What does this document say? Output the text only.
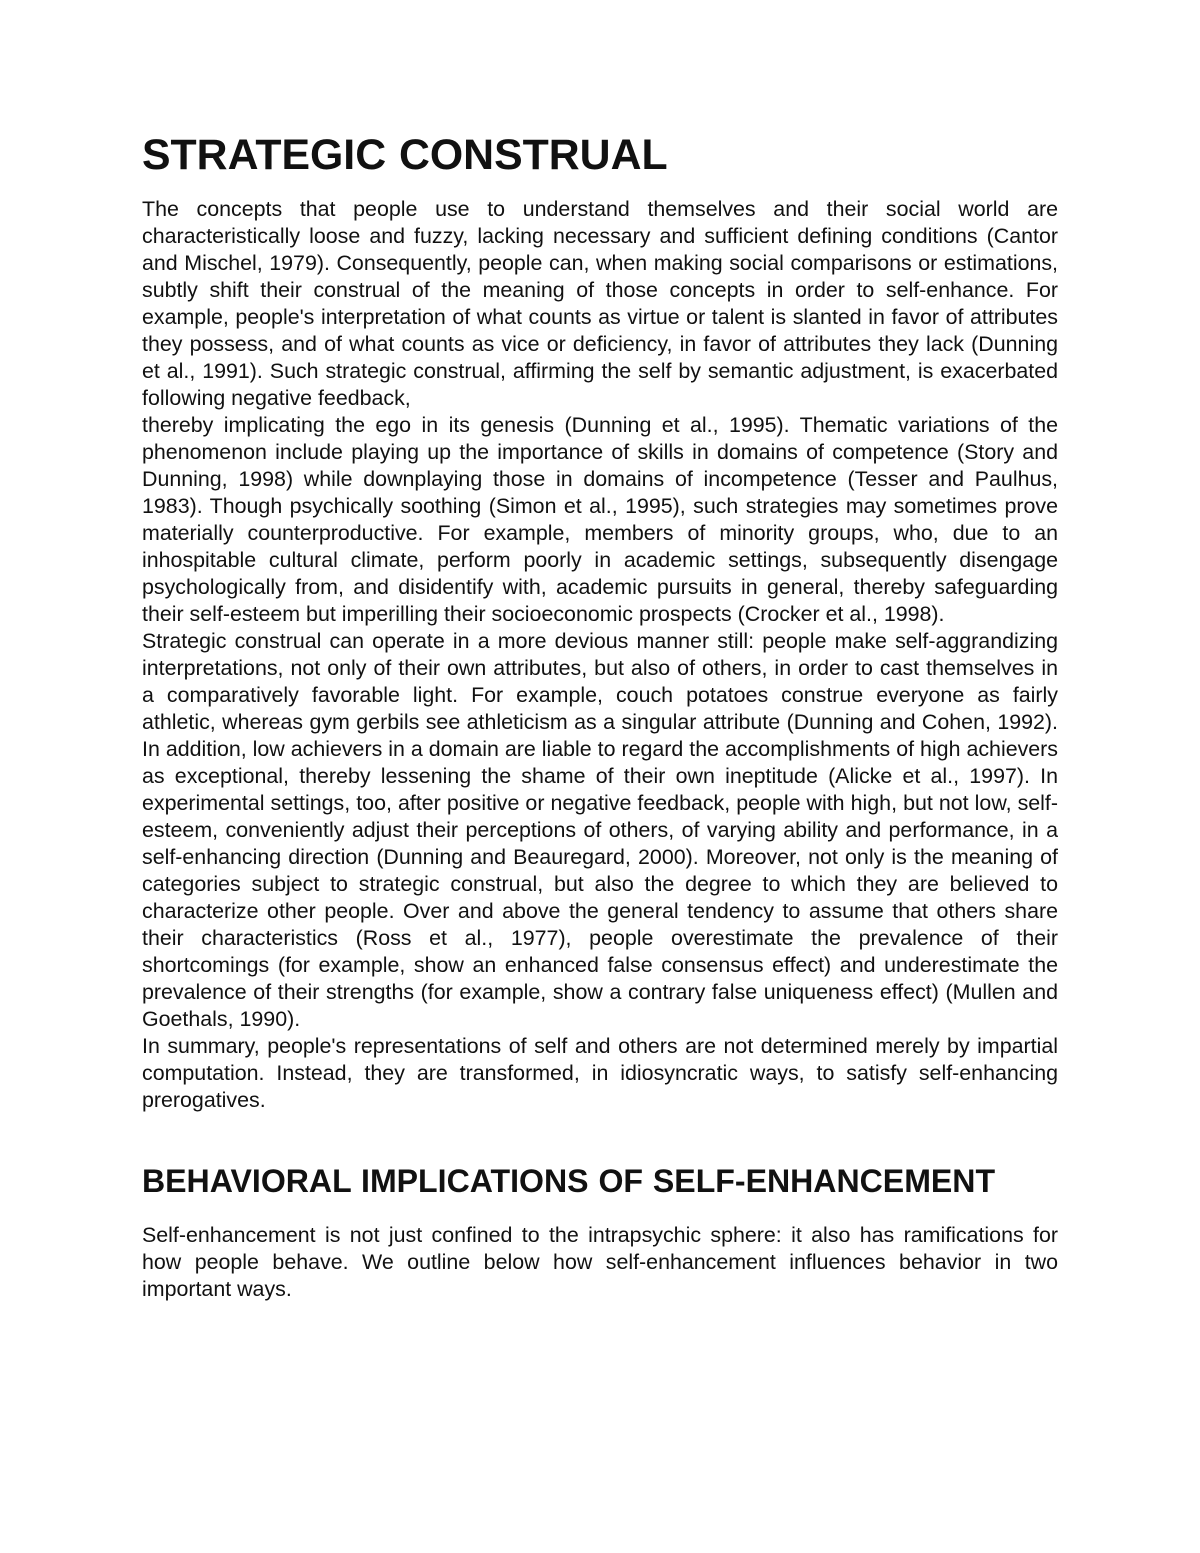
STRATEGIC CONSTRUAL

The concepts that people use to understand themselves and their social world are characteristically loose and fuzzy, lacking necessary and sufficient defining conditions (Cantor and Mischel, 1979). Consequently, people can, when making social comparisons or estimations, subtly shift their construal of the meaning of those concepts in order to self-enhance. For example, people's interpretation of what counts as virtue or talent is slanted in favor of attributes they possess, and of what counts as vice or deficiency, in favor of attributes they lack (Dunning et al., 1991). Such strategic construal, affirming the self by semantic adjustment, is exacerbated following negative feedback,

thereby implicating the ego in its genesis (Dunning et al., 1995). Thematic variations of the phenomenon include playing up the importance of skills in domains of competence (Story and Dunning, 1998) while downplaying those in domains of incompetence (Tesser and Paulhus, 1983). Though psychically soothing (Simon et al., 1995), such strategies may sometimes prove materially counterproductive. For example, members of minority groups, who, due to an inhospitable cultural climate, perform poorly in academic settings, subsequently disengage psychologically from, and disidentify with, academic pursuits in general, thereby safeguarding their self-esteem but imperilling their socioeconomic prospects (Crocker et al., 1998).

Strategic construal can operate in a more devious manner still: people make self-aggrandizing interpretations, not only of their own attributes, but also of others, in order to cast themselves in a comparatively favorable light. For example, couch potatoes construe everyone as fairly athletic, whereas gym gerbils see athleticism as a singular attribute (Dunning and Cohen, 1992). In addition, low achievers in a domain are liable to regard the accomplishments of high achievers as exceptional, thereby lessening the shame of their own ineptitude (Alicke et al., 1997). In experimental settings, too, after positive or negative feedback, people with high, but not low, self- esteem, conveniently adjust their perceptions of others, of varying ability and performance, in a self-enhancing direction (Dunning and Beauregard, 2000). Moreover, not only is the meaning of categories subject to strategic construal, but also the degree to which they are believed to characterize other people. Over and above the general tendency to assume that others share their characteristics (Ross et al., 1977), people overestimate the prevalence of their shortcomings (for example, show an enhanced false consensus effect) and underestimate the prevalence of their strengths (for example, show a contrary false uniqueness effect) (Mullen and Goethals, 1990).

In summary, people's representations of self and others are not determined merely by impartial computation. Instead, they are transformed, in idiosyncratic ways, to satisfy self-enhancing prerogatives.

BEHAVIORAL IMPLICATIONS OF SELF-ENHANCEMENT

Self-enhancement is not just confined to the intrapsychic sphere: it also has ramifications for how people behave. We outline below how self-enhancement influences behavior in two important ways.
